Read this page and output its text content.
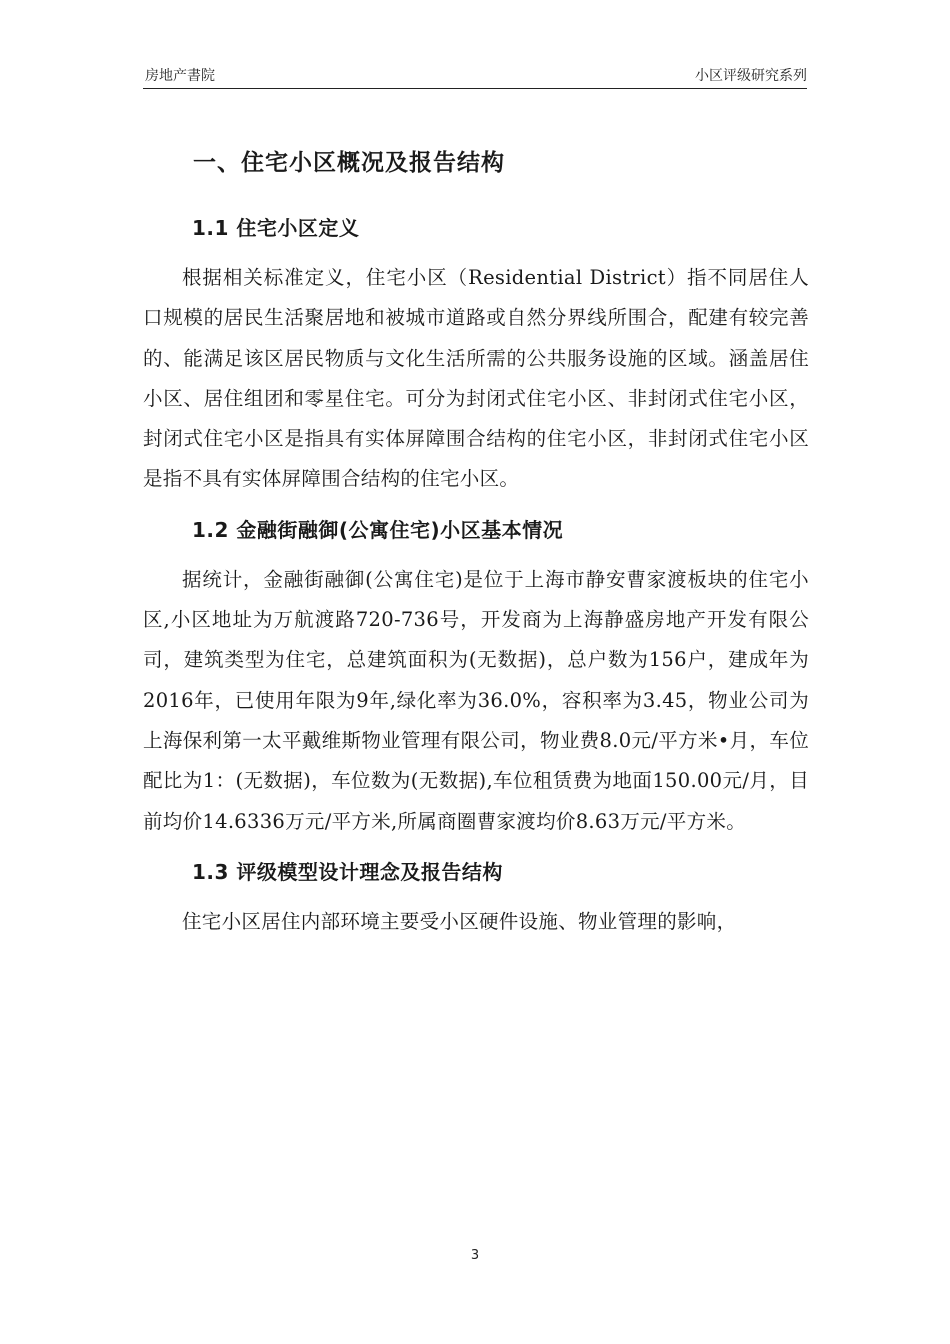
房地产書院	小区评级研究系列
一、住宅小区概况及报告结构
1.1 住宅小区定义

根据相关标准定义，住宅小区（Residential District）指不同居住人口规模的居民生活聚居地和被城市道路或自然分界线所围合，配建有较完善的、能满足该区居民物质与文化生活所需的公共服务设施的区域。涵盖居住小区、居住组团和零星住宅。可分为封闭式住宅小区、非封闭式住宅小区，封闭式住宅小区是指具有实体屏障围合结构的住宅小区，非封闭式住宅小区是指不具有实体屏障围合结构的住宅小区。

1.2 金融街融御(公寓住宅)小区基本情况

据统计，金融街融御(公寓住宅)是位于上海市静安曹家渡板块的住宅小区,小区地址为万航渡路720-736号，开发商为上海静盛房地产开发有限公司，建筑类型为住宅，总建筑面积为(无数据)，总户数为156户，建成年为2016年，已使用年限为9年,绿化率为36.0%，容积率为3.45，物业公司为上海保利第一太平戴维斯物业管理有限公司，物业费8.0元/平方米•月，车位配比为1：(无数据)，车位数为(无数据),车位租赁费为地面150.00元/月，目前均价14.6336万元/平方米,所属商圈曹家渡均价8.63万元/平方米。

1.3 评级模型设计理念及报告结构

住宅小区居住内部环境主要受小区硬件设施、物业管理的影响，

3
